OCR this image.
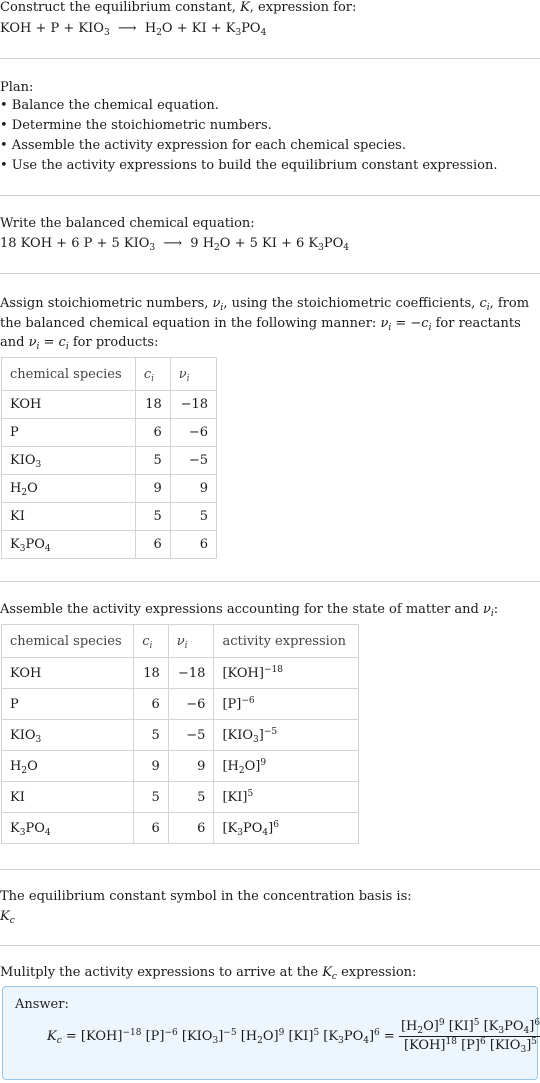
Construct the equilibrium constant, K, expression for:
KOH + $P + KIO_3$  ⟶  $H_2O$ + KI + $K_3PO_4$
Plan:
• Balance the chemical equation.
• Determine the stoichiometric numbers.
• Assemble the activity expression for each chemical species.
• Use the activity expressions to build the equilibrium constant expression.
Write the balanced chemical equation:
18 KOH + 6 P + 5 $KIO_3$  ⟶  9 $H_2O + 5$ KI + 6 $K_3PO_4$
Assign stoichiometric numbers, $\nu_i$, using the stoichiometric coefficients, $c_i$, from
the balanced chemical equation in the following manner: $\nu_i = -c_i$ for reactants
and $\nu_i = c_i$ for products:
chemical species	$c_i$	$\nu_i$
KOH	18	−18
P	6	−6
$KIO_3$	5	−5
$H_2O$	9	9
KI	5	5
$K_3PO_4$	6	6
Assemble the activity expressions accounting for the state of matter and $\nu_i$:
chemical species	$c_i$	$\nu_i$	activity expression
KOH	18	−18	[KOH]$^{-18}$
P	6	−6	$[P]^{-6}$
$KIO_3$	5	−5	$[KIO_3]^{-5}$
$H_2O$	9	9	$[H_2O]^9$
KI	5	5	[KI]$^5$
$K_3PO_4$	6	6	$[K_3PO_4]^6$
The equilibrium constant symbol in the concentration basis is:
$K_c$
Mulitply the activity expressions to arrive at the $K_c$ expression:
Answer:
$K_c = [KOH]^{-18}$ $[P]^{-6}$ $[KIO_3]^{-5}$ $[H_2O]^9$ [KI]$^5$ $[K_3PO_4]^6 = \frac{[H_2O]^9 [KI]^5 [K_3PO_4]^6}{[KOH]^{18} [P]^6 [KIO_3]^5}$
